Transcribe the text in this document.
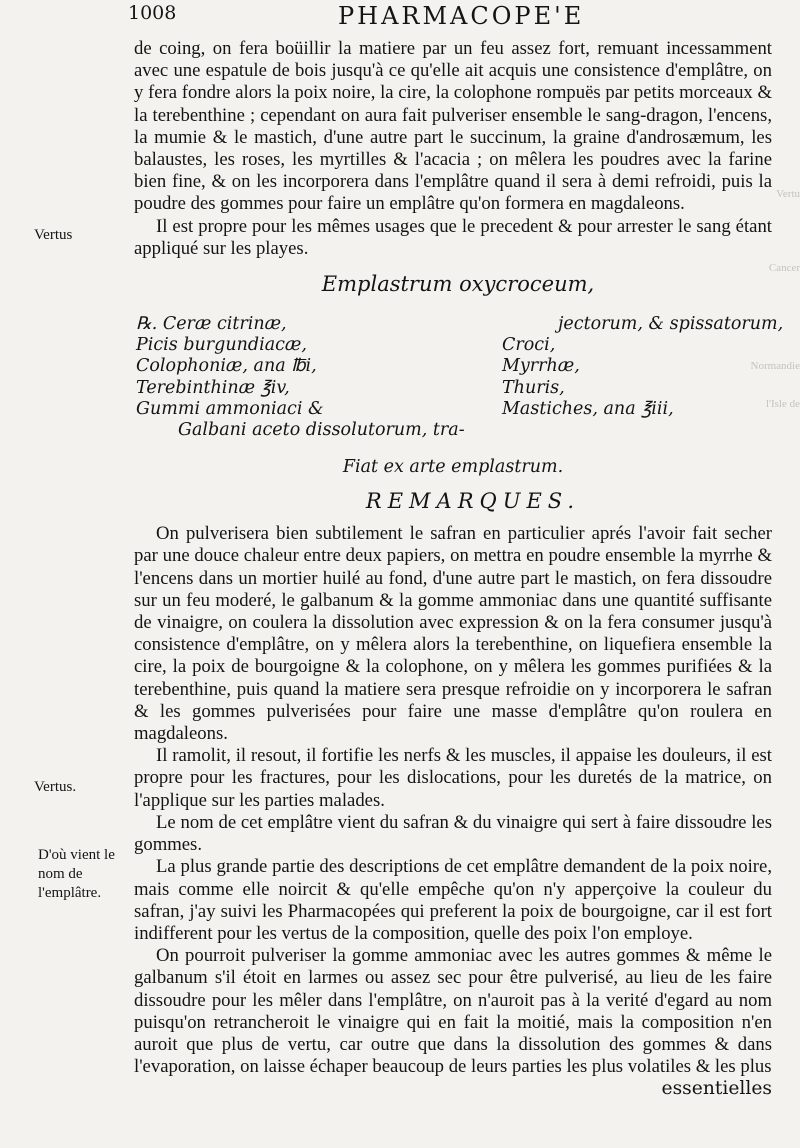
1008	PHARMACOPE'E
Vertus
Vertus.
D'où vient le nom de l'emplâtre.
Vertu
Cancer
Normandie
l'Isle de

de coing, on fera boüillir la matiere par un feu assez fort, remuant incessamment avec une espatule de bois jusqu'à ce qu'elle ait acquis une consistence d'emplâtre, on y fera fondre alors la poix noire, la cire, la colophone rompuës par petits morceaux & la terebenthine ; cependant on aura fait pulveriser ensemble le sang-dragon, l'encens, la mumie & le mastich, d'une autre part le succinum, la graine d'androsæmum, les balaustes, les roses, les myrtilles & l'acacia ; on mêlera les poudres avec la farine bien fine, & on les incorporera dans l'emplâtre quand il sera à demi refroidi, puis la poudre des gommes pour faire un emplâtre qu'on formera en magdaleons.

Il est propre pour les mêmes usages que le precedent & pour arrester le sang étant appliqué sur les playes.

Emplastrum oxycroceum,
℞. Ceræ citrinæ,
Picis burgundiacæ,
Colophoniæ, ana ℔i,
Terebinthinæ ℥iv,
Gummi ammoniaci &
Galbani aceto dissolutorum, tra-
jectorum, & spissatorum,
Croci,
Myrrhæ,
Thuris,
Mastiches, ana ℥iii,
Fiat ex arte emplastrum.
REMARQUES.

On pulverisera bien subtilement le safran en particulier aprés l'avoir fait secher par une douce chaleur entre deux papiers, on mettra en poudre ensemble la myrrhe & l'encens dans un mortier huilé au fond, d'une autre part le mastich, on fera dissoudre sur un feu moderé, le galbanum & la gomme ammoniac dans une quantité suffisante de vinaigre, on coulera la dissolution avec expression & on la fera consumer jusqu'à consistence d'emplâtre, on y mêlera alors la terebenthine, on liquefiera ensemble la cire, la poix de bourgoigne & la colophone, on y mêlera les gommes purifiées & la terebenthine, puis quand la matiere sera presque refroidie on y incorporera le safran & les gommes pulverisées pour faire une masse d'emplâtre qu'on roulera en magdaleons.

Il ramolit, il resout, il fortifie les nerfs & les muscles, il appaise les douleurs, il est propre pour les fractures, pour les dislocations, pour les duretés de la matrice, on l'applique sur les parties malades.

Le nom de cet emplâtre vient du safran & du vinaigre qui sert à faire dissoudre les gommes.

La plus grande partie des descriptions de cet emplâtre demandent de la poix noire, mais comme elle noircit & qu'elle empêche qu'on n'y apperçoive la couleur du safran, j'ay suivi les Pharmacopées qui preferent la poix de bourgoigne, car il est fort indifferent pour les vertus de la composition, quelle des poix l'on employe.

On pourroit pulveriser la gomme ammoniac avec les autres gommes & même le galbanum s'il étoit en larmes ou assez sec pour être pulverisé, au lieu de les faire dissoudre pour les mêler dans l'emplâtre, on n'auroit pas à la verité d'egard au nom puisqu'on retrancheroit le vinaigre qui en fait la moitié, mais la composition n'en auroit que plus de vertu, car outre que dans la dissolution des gommes & dans l'evaporation, on laisse échaper beaucoup de leurs parties les plus volatiles & les plus

essentielles
